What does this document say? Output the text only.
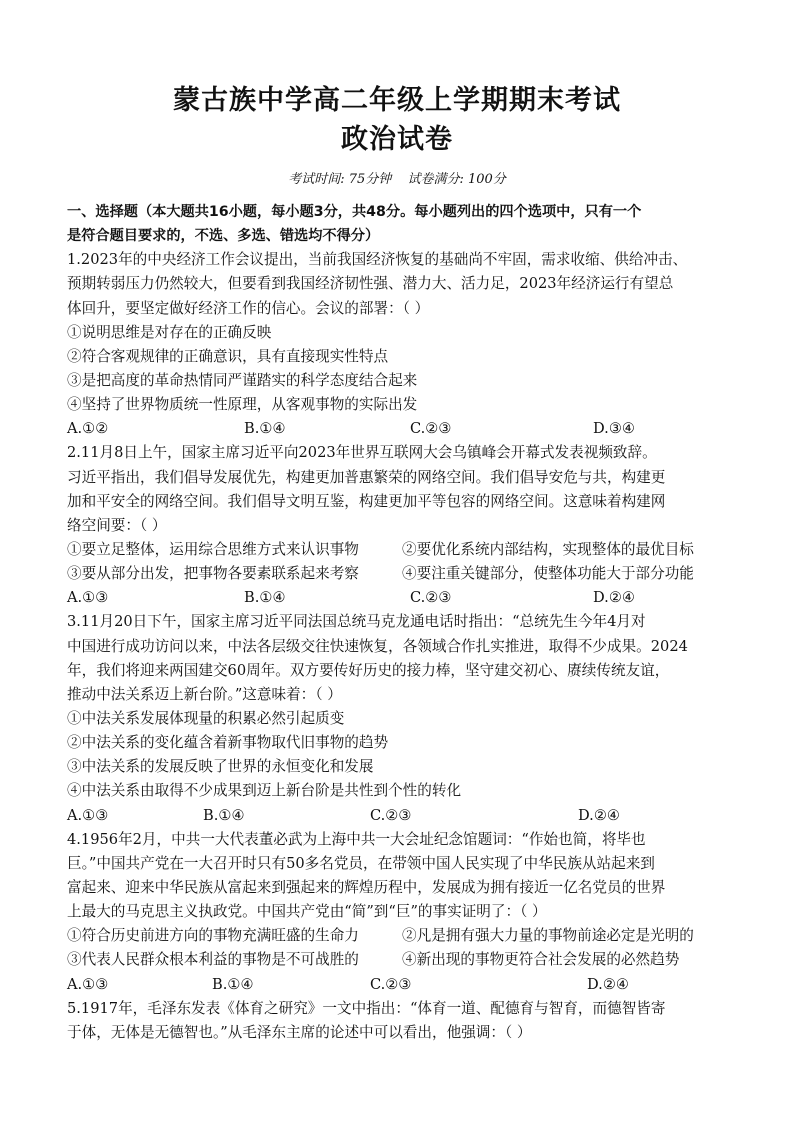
蒙古族中学高二年级上学期期末考试
政治试卷
考试时间: 75分钟 试卷满分: 100分
一、选择题（本大题共16小题，每小题3分，共48分。每小题列出的四个选项中，只有一个
是符合题目要求的，不选、多选、错选均不得分）
1.2023年的中央经济工作会议提出，当前我国经济恢复的基础尚不牢固，需求收缩、供给冲击、
预期转弱压力仍然较大，但要看到我国经济韧性强、潜力大、活力足，2023年经济运行有望总
体回升，要坚定做好经济工作的信心。会议的部署：（ ）
①说明思维是对存在的正确反映
②符合客观规律的正确意识，具有直接现实性特点
③是把高度的革命热情同严谨踏实的科学态度结合起来
④坚持了世界物质统一性原理，从客观事物的实际出发
A.①②	B.①④	C.②③	D.③④
2.11月8日上午，国家主席习近平向2023年世界互联网大会乌镇峰会开幕式发表视频致辞。
习近平指出，我们倡导发展优先，构建更加普惠繁荣的网络空间。我们倡导安危与共，构建更
加和平安全的网络空间。我们倡导文明互鉴，构建更加平等包容的网络空间。这意味着构建网
络空间要：（ ）
①要立足整体，运用综合思维方式来认识事物	②要优化系统内部结构，实现整体的最优目标
③要从部分出发，把事物各要素联系起来考察	④要注重关键部分，使整体功能大于部分功能
A.①③	B.①④	C.②③	D.②④
3.11月20日下午，国家主席习近平同法国总统马克龙通电话时指出：“总统先生今年4月对
中国进行成功访问以来，中法各层级交往快速恢复，各领域合作扎实推进，取得不少成果。2024
年，我们将迎来两国建交60周年。双方要传好历史的接力棒，坚守建交初心、赓续传统友谊，
推动中法关系迈上新台阶。”这意味着：（ ）
①中法关系发展体现量的积累必然引起质变
②中法关系的变化蕴含着新事物取代旧事物的趋势
③中法关系的发展反映了世界的永恒变化和发展
④中法关系由取得不少成果到迈上新台阶是共性到个性的转化
A.①③	B.①④	C.②③	D.②④
4.1956年2月，中共一大代表董必武为上海中共一大会址纪念馆题词：“作始也简，将毕也
巨。”中国共产党在一大召开时只有50多名党员，在带领中国人民实现了中华民族从站起来到
富起来、迎来中华民族从富起来到强起来的辉煌历程中，发展成为拥有接近一亿名党员的世界
上最大的马克思主义执政党。中国共产党由“简”到“巨”的事实证明了：（ ）
①符合历史前进方向的事物充满旺盛的生命力	②凡是拥有强大力量的事物前途必定是光明的
③代表人民群众根本利益的事物是不可战胜的	④新出现的事物更符合社会发展的必然趋势
A.①③	B.①④	C.②③	D.②④
5.1917年，毛泽东发表《体育之研究》一文中指出：“体育一道、配德育与智育，而德智皆寄
于体，无体是无德智也。”从毛泽东主席的论述中可以看出，他强调：（ ）
